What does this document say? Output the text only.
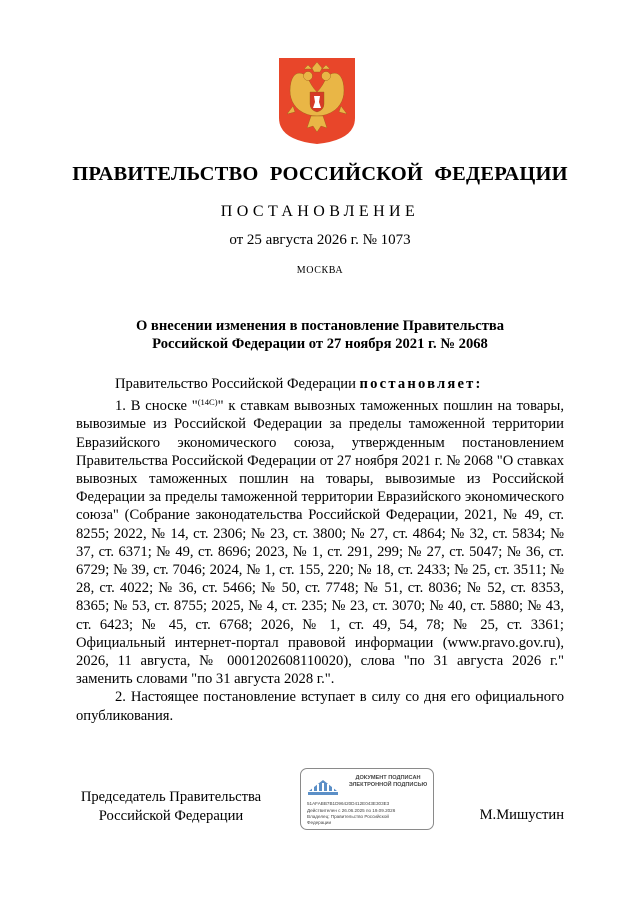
ПРАВИТЕЛЬСТВО РОССИЙСКОЙ ФЕДЕРАЦИИ
ПОСТАНОВЛЕНИЕ
от 25 августа 2026 г. № 1073
МОСКВА
О внесении изменения в постановление Правительства
Российской Федерации от 27 ноября 2021 г. № 2068

Правительство Российской Федерации постановляет:

1. В сноске "$^{(14С)}$" к ставкам вывозных таможенных пошлин на товары, вывозимые из Российской Федерации за пределы таможенной территории Евразийского экономического союза, утвержденным постановлением Правительства Российской Федерации от 27 ноября 2021 г. № 2068 "О ставках вывозных таможенных пошлин на товары, вывозимые из Российской Федерации за пределы таможенной территории Евразийского экономического союза" (Собрание законодательства Российской Федерации, 2021, № 49, ст. 8255; 2022, № 14, ст. 2306; № 23, ст. 3800; № 27, ст. 4864; № 32, ст. 5834; № 37, ст. 6371; № 49, ст. 8696; 2023, № 1, ст. 291, 299; № 27, ст. 5047; № 36, ст. 6729; № 39, ст. 7046; 2024, № 1, ст. 155, 220; № 18, ст. 2433; № 25, ст. 3511; № 28, ст. 4022; № 36, ст. 5466; № 50, ст. 7748; № 51, ст. 8036; № 52, ст. 8353, 8365; № 53, ст. 8755; 2025, № 4, ст. 235; № 23, ст. 3070; № 40, ст. 5880; № 43, ст. 6423; № 45, ст. 6768; 2026, № 1, ст. 49, 54, 78; № 25, ст. 3361; Официальный интернет-портал правовой информации (www.pravo.gov.ru), 2026, 11 августа, № 0001202608110020), слова "по 31 августа 2026 г." заменить словами "по 31 августа 2028 г.".

2. Настоящее постановление вступает в силу со дня его официального опубликования.

Председатель Правительства
Российской Федерации
ДОКУМЕНТ ПОДПИСАН
ЭЛЕКТРОННОЙ ПОДПИСЬЮ
51AFABB7B1D96420D412E043E303E3
Действителен с 26.06.2025 по 19.09.2026
Владелец: Правительство Российской
Федерации	М.Мишустин
